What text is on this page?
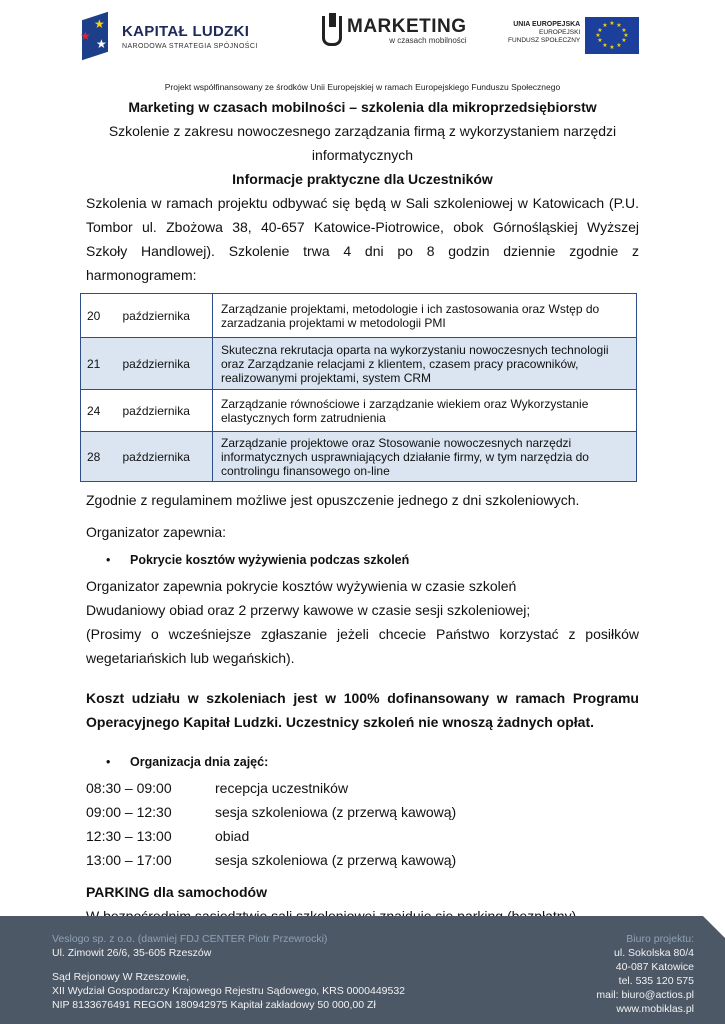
★
★
★
KAPITAŁ LUDZKI
NARODOWA STRATEGIA SPÓJNOŚCI
MARKETING
w czasach mobilności
UNIA EUROPEJSKA
EUROPEJSKI
FUNDUSZ SPOŁECZNY
★ ★
★
★
★
★
★
★
★
★
★
★
Projekt współfinansowany ze środków Unii Europejskiej w ramach Europejskiego Funduszu Społecznego

Marketing w czasach mobilności – szkolenia dla mikroprzedsiębiorstw

Szkolenie z zakresu nowoczesnego zarządzania firmą z wykorzystaniem narzędzi informatycznych

Informacje praktyczne dla Uczestników

Szkolenia w ramach projektu odbywać się będą w Sali szkoleniowej w Katowicach (P.U. Tombor ul. Zbożowa 38, 40-657 Katowice-Piotrowice, obok Górnośląskiej Wyższej Szkoły Handlowej). Szkolenie trwa 4 dni po 8 godzin dziennie zgodnie z harmonogramem:

20	października	Zarządzanie projektami, metodologie i ich zastosowania oraz Wstęp do zarzadzania projektami w metodologii PMI
21	października	Skuteczna rekrutacja oparta na wykorzystaniu nowoczesnych technologii oraz Zarządzanie relacjami z klientem, czasem pracy pracowników, realizowanymi projektami, system CRM
24	października	Zarządzanie równościowe i zarządzanie wiekiem oraz Wykorzystanie elastycznych form zatrudnienia
28	października	Zarządzanie projektowe oraz Stosowanie nowoczesnych narzędzi informatycznych usprawniających działanie firmy, w tym narzędzia do controlingu finansowego on-line

Zgodnie z regulaminem możliwe jest opuszczenie jednego z dni szkoleniowych.

Organizator zapewnia:

• Pokrycie kosztów wyżywienia podczas szkoleń

Organizator zapewnia pokrycie kosztów wyżywienia w czasie szkoleń

Dwudaniowy obiad oraz 2 przerwy kawowe w czasie sesji szkoleniowej;

(Prosimy o wcześniejsze zgłaszanie jeżeli chcecie Państwo korzystać z posiłków wegetariańskich lub wegańskich).

Koszt udziału w szkoleniach jest w 100% dofinansowany w ramach Programu Operacyjnego Kapitał Ludzki. Uczestnicy szkoleń nie wnoszą żadnych opłat.

• Organizacja dnia zajęć:
08:30 – 09:00	recepcja uczestników
09:00 – 12:30	sesja szkoleniowa (z przerwą kawową)
12:30 – 13:00	obiad
13:00 – 17:00	sesja szkoleniowa (z przerwą kawową)

PARKING dla samochodów

Veslogo sp. z o.o. (dawniej FDJ CENTER Piotr Przewrocki)
Ul. Zimowit 26/6, 35-605 Rzeszów
Sąd Rejonowy W Rzeszowie,
XII Wydział Gospodarczy Krajowego Rejestru Sądowego, KRS 0000449532
NIP 8133676491 REGON 180942975 Kapitał zakładowy 50 000,00 Zł
Biuro projektu:
ul. Sokolska 80/4
40-087 Katowice
tel. 535 120 575
mail: biuro@actios.pl
www.mobiklas.pl
